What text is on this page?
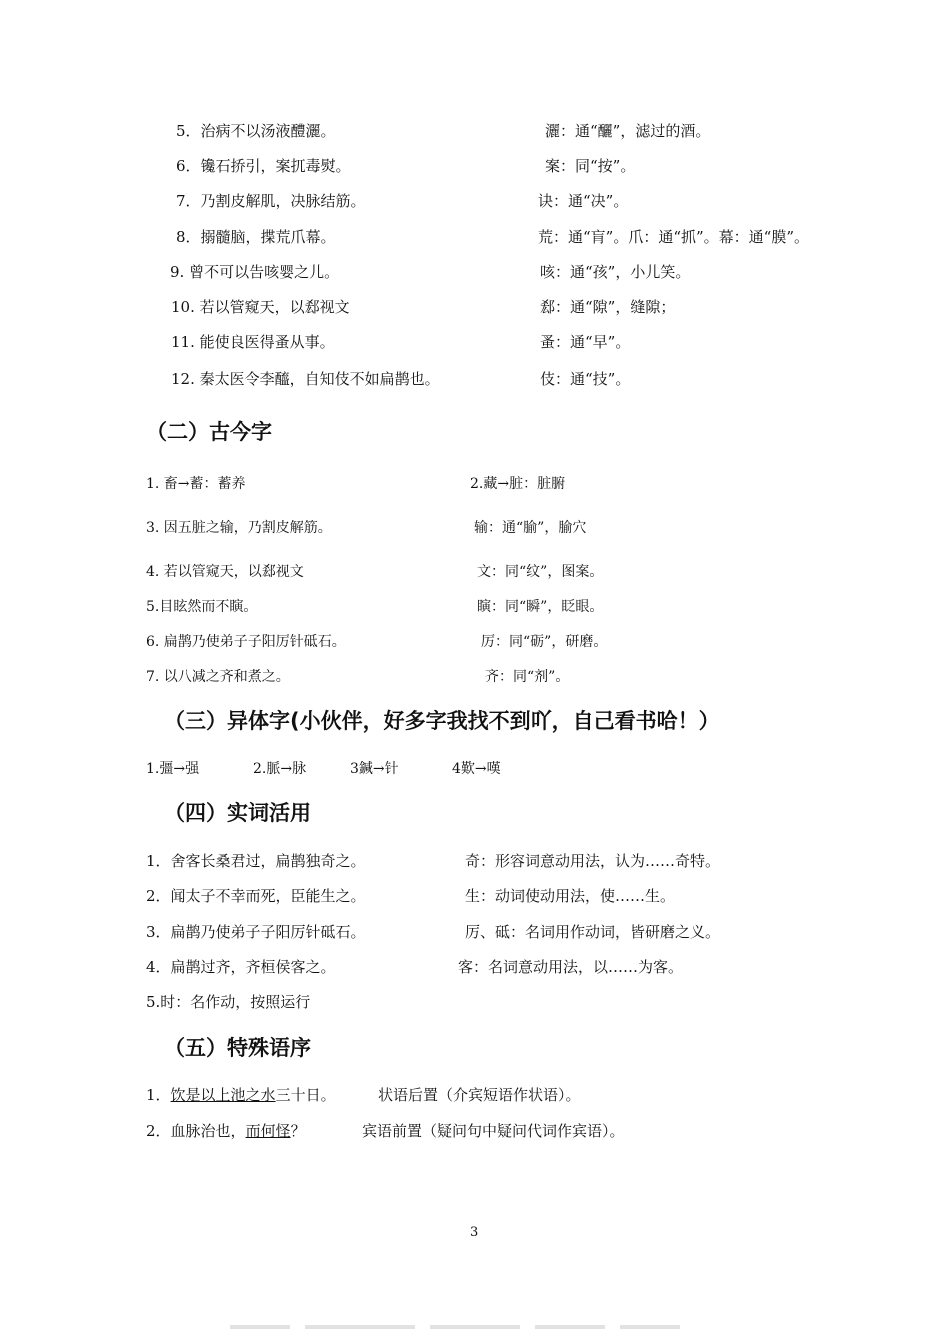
5．治病不以汤液醴灑。	灑：通“釃”，滤过的酒。
6．镵石挢引，案扤毒熨。	案：同“按”。
7．乃割皮解肌，决脉结筋。	诀：通“决”。
8．搦髓脑，揲荒爪幕。	荒：通“肓”。爪：通“抓”。幕：通“膜”。
9. 曾不可以告咳婴之儿。	咳：通“孩”，小儿笑。
10. 若以管窥天，以郄视文	郄：通“隙”，缝隙；
11. 能使良医得蚤从事。	蚤：通“早”。
12. 秦太医令李醯，自知伎不如扁鹊也。	伎：通“技”。
（二）古今字
1. 畜→蓄：蓄养	2.藏→脏：脏腑
3. 因五脏之输，乃割皮解筋。	输：通“腧”，腧穴
4. 若以管窥天，以郄视文	文：同“纹”，图案。
5.目眩然而不瞚。	瞚：同“瞬”，眨眼。
6. 扁鹊乃使弟子子阳厉针砥石。	厉：同“砺”，研磨。
7. 以八减之齐和煮之。	齐：同“剂”。
（三）异体字(小伙伴，好多字我找不到吖，自己看书哈！）
1.彊→强	2.脈→脉	3鍼→针	4歎→嘆
（四）实词活用
1．舍客长桑君过，扁鹊独奇之。	奇：形容词意动用法，认为……奇特。
2．闻太子不幸而死，臣能生之。	生：动词使动用法，使……生。
3．扁鹊乃使弟子子阳厉针砥石。	厉、砥：名词用作动词，皆研磨之义。
4．扁鹊过齐，齐桓侯客之。	客：名词意动用法，以……为客。
5.时：名作动，按照运行
（五）特殊语序
1．饮是以上池之水三十日。	状语后置（介宾短语作状语）。
2．血脉治也，而何怪？	宾语前置（疑问句中疑问代词作宾语）。
3
